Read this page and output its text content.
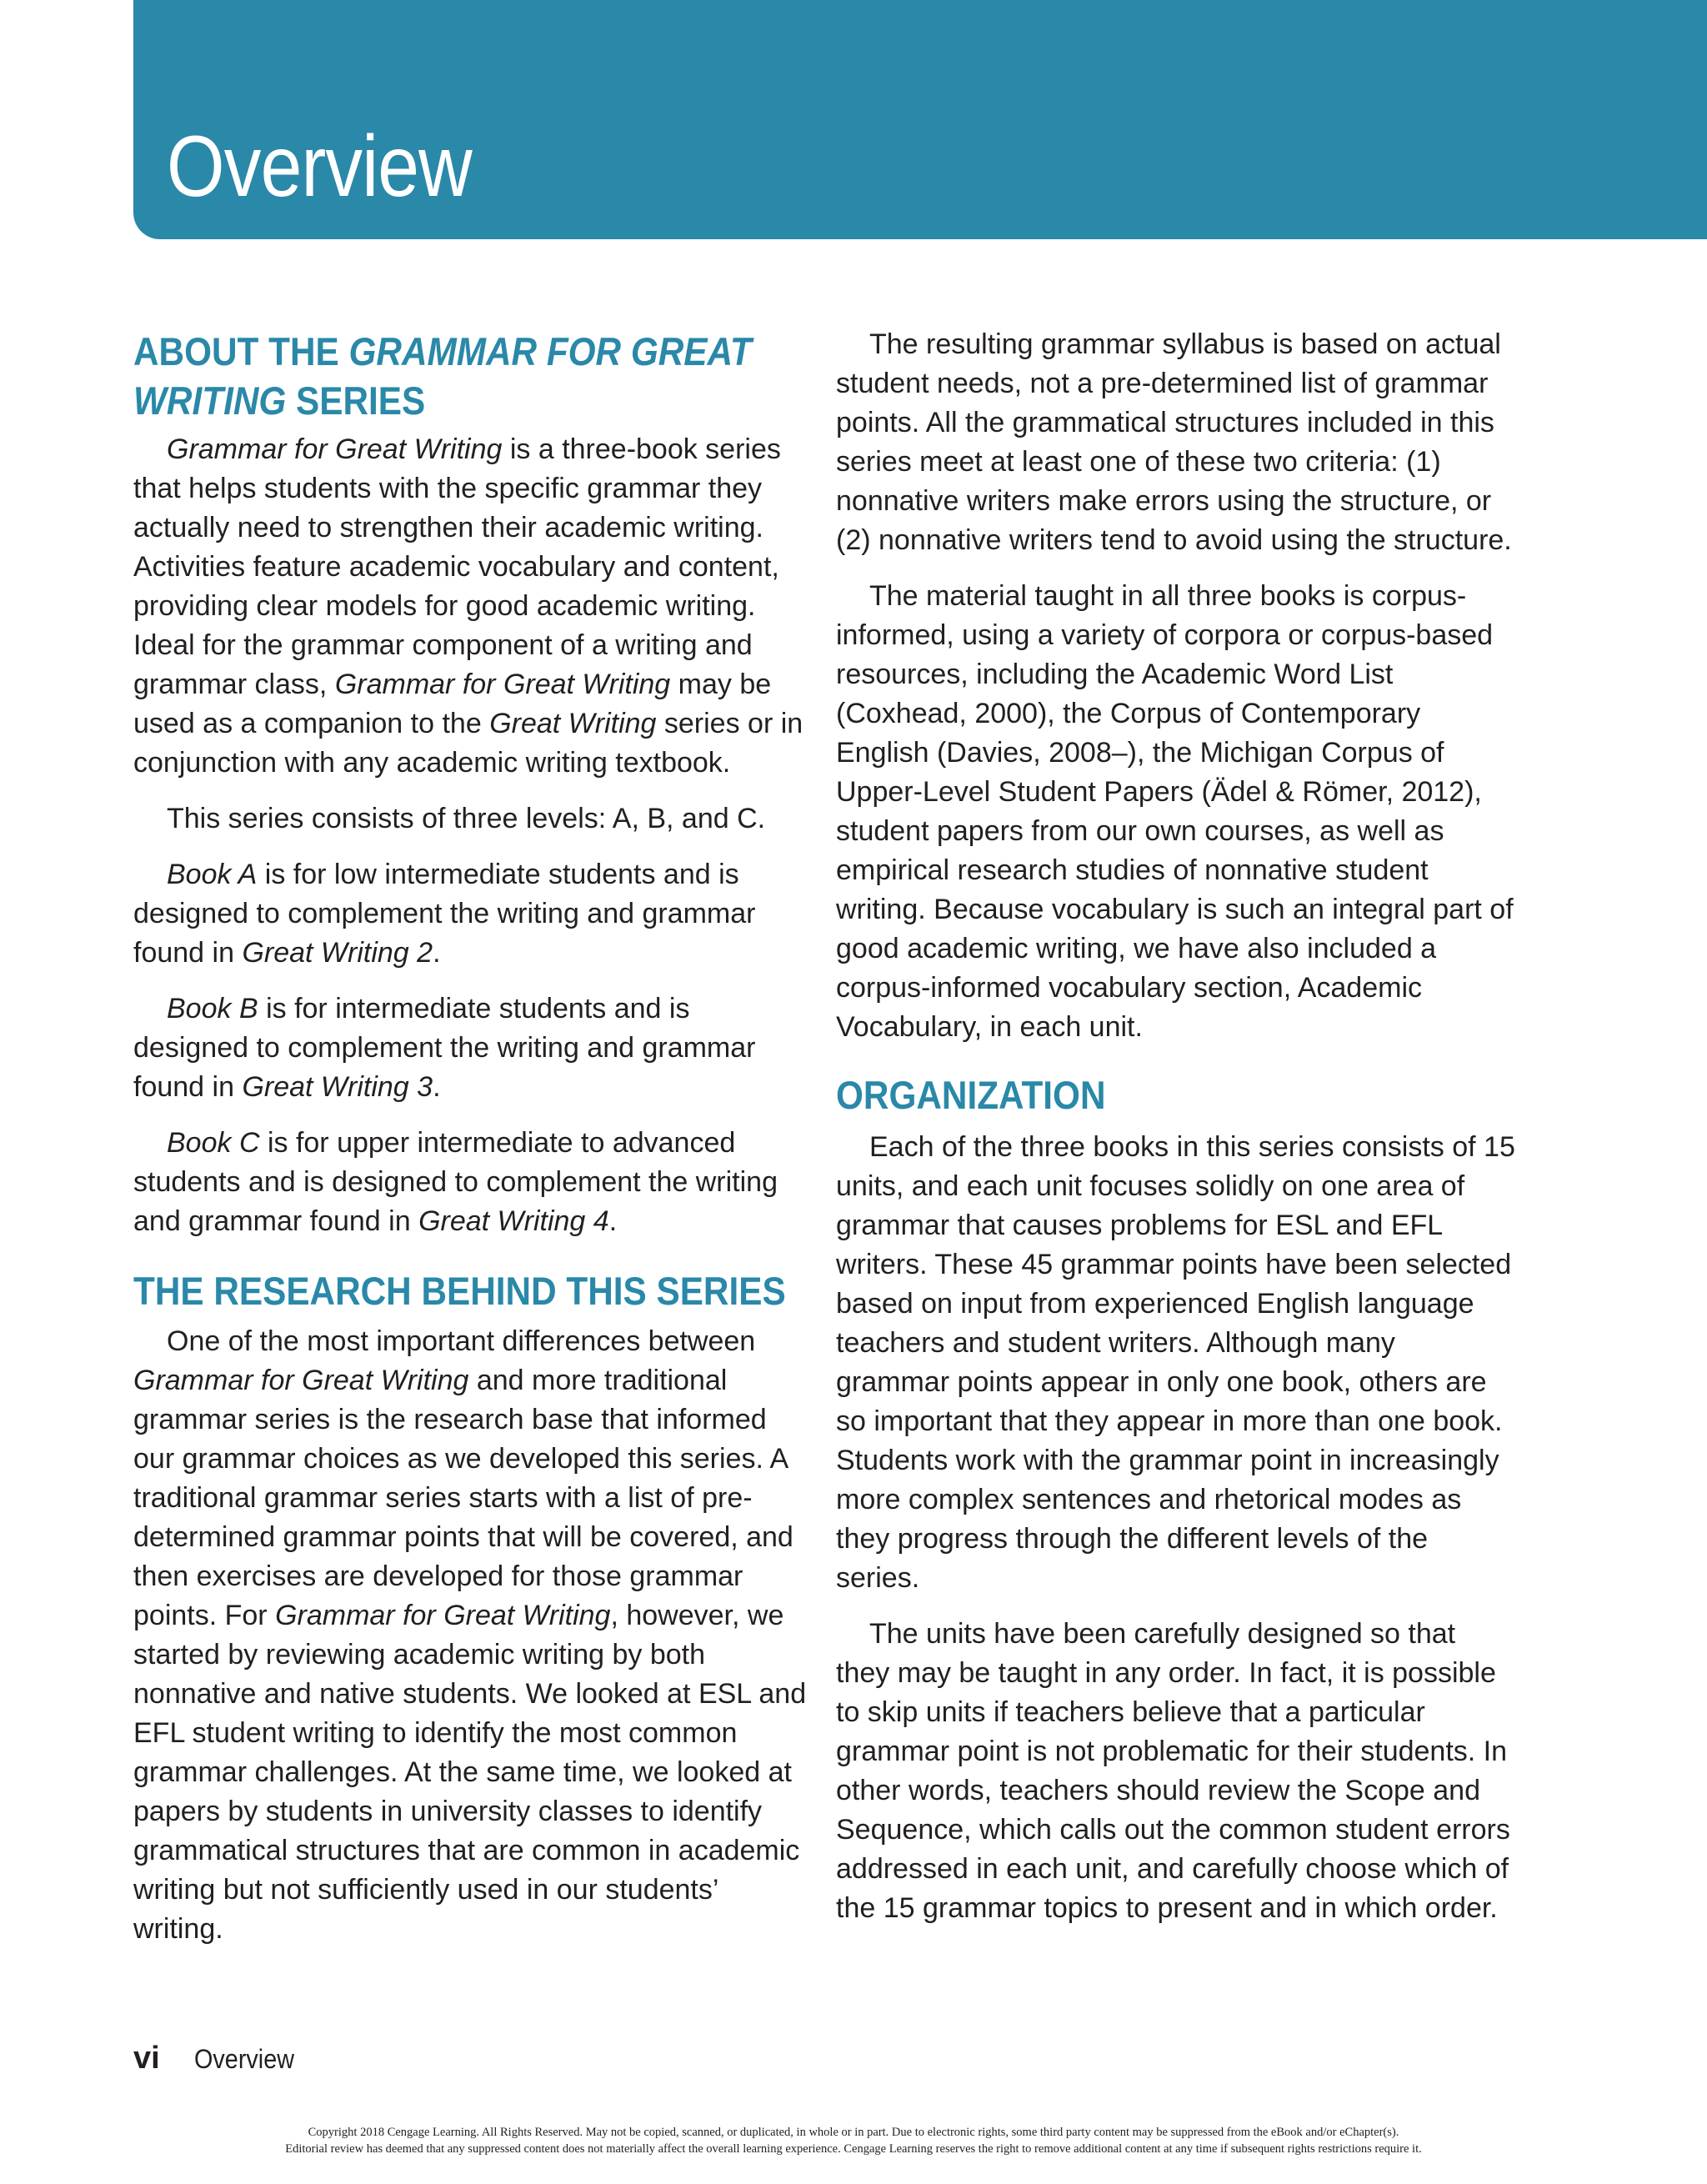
Overview
ABOUT THE GRAMMAR FOR GREAT WRITING SERIES

Grammar for Great Writing is a three-book series that helps students with the specific grammar they actually need to strengthen their academic writing. Activities feature academic vocabulary and content, providing clear models for good academic writing. Ideal for the grammar component of a writing and grammar class, Grammar for Great Writing may be used as a companion to the Great Writing series or in conjunction with any academic writing textbook.

This series consists of three levels: A, B, and C.

Book A is for low intermediate students and is designed to complement the writing and grammar found in Great Writing 2.

Book B is for intermediate students and is designed to complement the writing and grammar found in Great Writing 3.

Book C is for upper intermediate to advanced students and is designed to complement the writing and grammar found in Great Writing 4.

THE RESEARCH BEHIND THIS SERIES

One of the most important differences between Grammar for Great Writing and more traditional grammar series is the research base that informed our grammar choices as we developed this series. A traditional grammar series starts with a list of pre-determined grammar points that will be covered, and then exercises are developed for those grammar points. For Grammar for Great Writing, however, we started by reviewing academic writing by both nonnative and native students. We looked at ESL and EFL student writing to identify the most common grammar challenges. At the same time, we looked at papers by students in university classes to identify grammatical structures that are common in academic writing but not sufficiently used in our students’ writing.

The resulting grammar syllabus is based on actual student needs, not a pre-determined list of grammar points. All the grammatical structures included in this series meet at least one of these two criteria: (1) nonnative writers make errors using the structure, or (2) nonnative writers tend to avoid using the structure.

The material taught in all three books is corpus-informed, using a variety of corpora or corpus-based resources, including the Academic Word List (Coxhead, 2000), the Corpus of Contemporary English (Davies, 2008–), the Michigan Corpus of Upper-Level Student Papers (Ädel & Römer, 2012), student papers from our own courses, as well as empirical research studies of nonnative student writing. Because vocabulary is such an integral part of good academic writing, we have also included a corpus-informed vocabulary section, Academic Vocabulary, in each unit.

ORGANIZATION

Each of the three books in this series consists of 15 units, and each unit focuses solidly on one area of grammar that causes problems for ESL and EFL writers. These 45 grammar points have been selected based on input from experienced English language teachers and student writers. Although many grammar points appear in only one book, others are so important that they appear in more than one book. Students work with the grammar point in increasingly more complex sentences and rhetorical modes as they progress through the different levels of the series.

The units have been carefully designed so that they may be taught in any order. In fact, it is possible to skip units if teachers believe that a particular grammar point is not problematic for their students. In other words, teachers should review the Scope and Sequence, which calls out the common student errors addressed in each unit, and carefully choose which of the 15 grammar topics to present and in which order.

vi Overview
Copyright 2018 Cengage Learning. All Rights Reserved. May not be copied, scanned, or duplicated, in whole or in part. Due to electronic rights, some third party content may be suppressed from the eBook and/or eChapter(s).
Editorial review has deemed that any suppressed content does not materially affect the overall learning experience. Cengage Learning reserves the right to remove additional content at any time if subsequent rights restrictions require it.
